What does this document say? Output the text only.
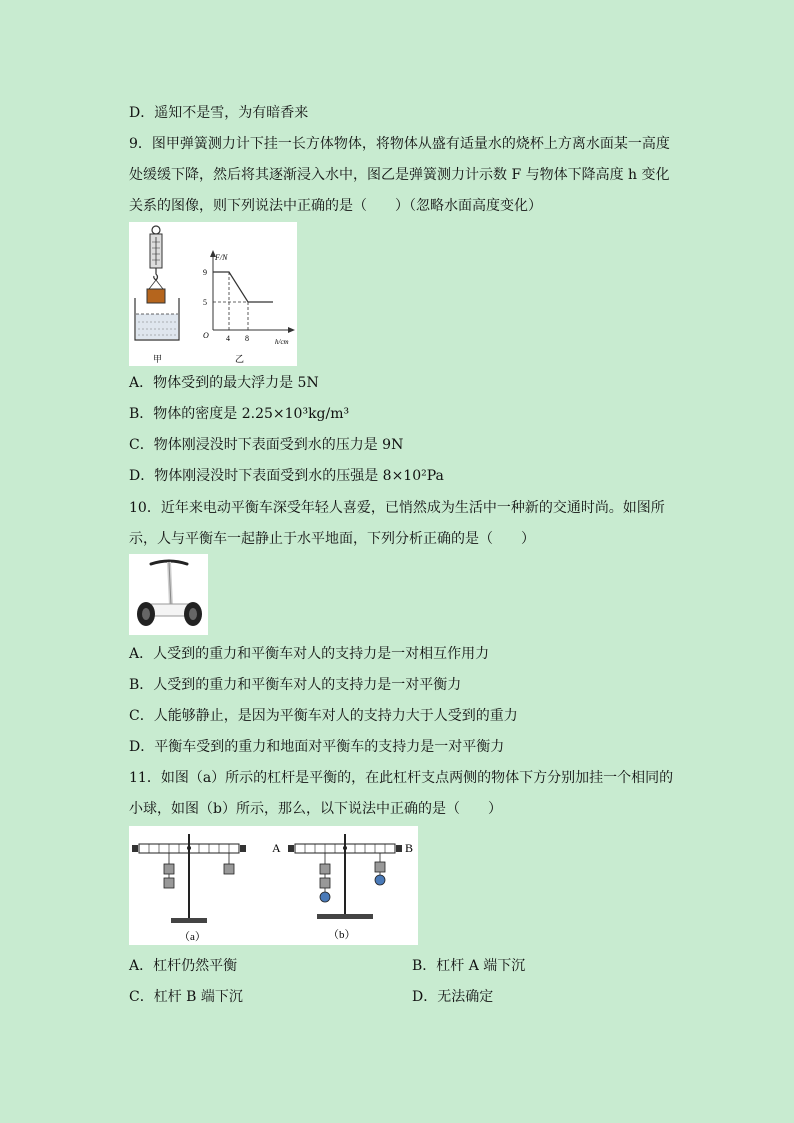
D．遥知不是雪，为有暗香来
9．图甲弹簧测力计下挂一长方体物体，将物体从盛有适量水的烧杯上方离水面某一高度
处缓缓下降，然后将其逐渐浸入水中，图乙是弹簧测力计示数 F 与物体下降高度 h 变化
关系的图像，则下列说法中正确的是（　　）（忽略水面高度变化）
甲
F/N
9
5
O 4 8	h/cm
乙
A．物体受到的最大浮力是 5N
B．物体的密度是 2.25×10³kg/m³
C．物体刚浸没时下表面受到水的压力是 9N
D．物体刚浸没时下表面受到水的压强是 8×10²Pa
10．近年来电动平衡车深受年轻人喜爱，已悄然成为生活中一种新的交通时尚。如图所
示，人与平衡车一起静止于水平地面，下列分析正确的是（　　）
A．人受到的重力和平衡车对人的支持力是一对相互作用力
B．人受到的重力和平衡车对人的支持力是一对平衡力
C．人能够静止，是因为平衡车对人的支持力大于人受到的重力
D．平衡车受到的重力和地面对平衡车的支持力是一对平衡力
11．如图（a）所示的杠杆是平衡的，在此杠杆支点两侧的物体下方分别加挂一个相同的
小球，如图（b）所示，那么，以下说法中正确的是（　　）
（a）
A	B
（b）
A．杠杆仍然平衡	B．杠杆 A 端下沉
C．杠杆 B 端下沉	D．无法确定
